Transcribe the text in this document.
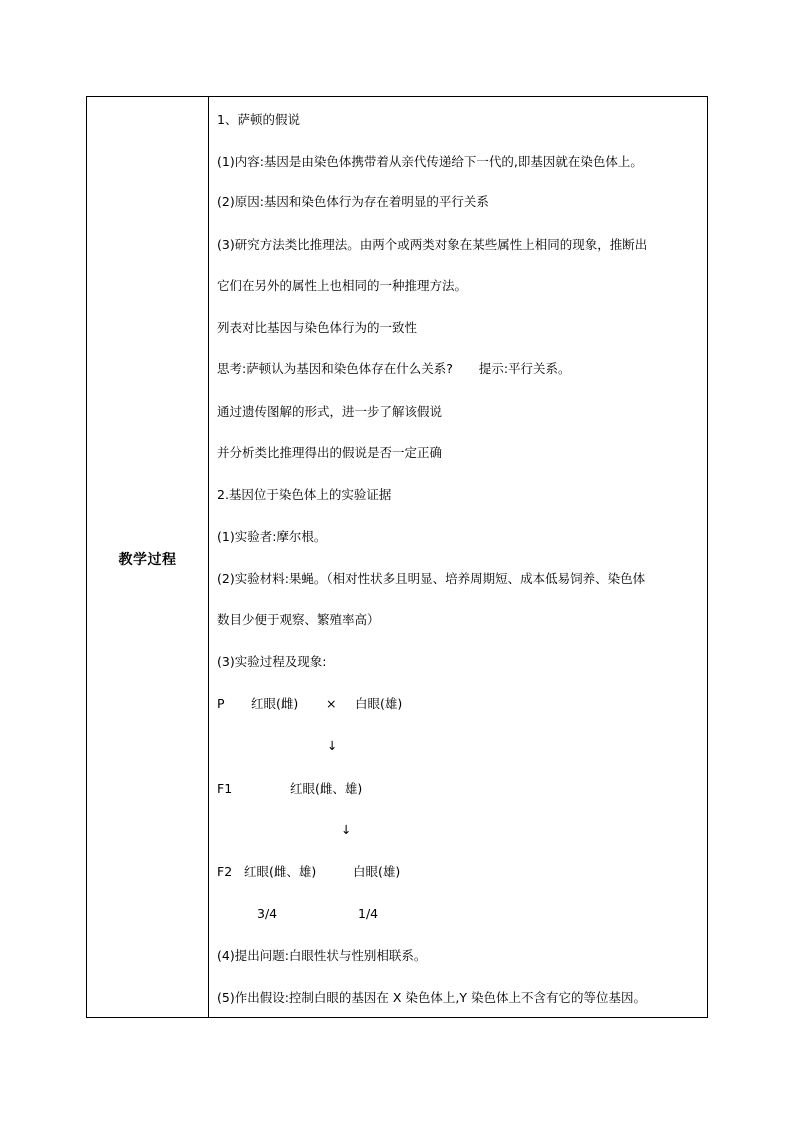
教学过程
1、萨顿的假说
(1)内容:基因是由染色体携带着从亲代传递给下一代的,即基因就在染色体上。
(2)原因:基因和染色体行为存在着明显的平行关系
(3)研究方法类比推理法。由两个或两类对象在某些属性上相同的现象，推断出
它们在另外的属性上也相同的一种推理方法。
列表对比基因与染色体行为的一致性
思考:萨顿认为基因和染色体存在什么关系? 提示:平行关系。
通过遗传图解的形式，进一步了解该假说
并分析类比推理得出的假说是否一定正确
2.基因位于染色体上的实验证据
(1)实验者:摩尔根。
(2)实验材料:果蝇。（相对性状多且明显、培养周期短、成本低易饲养、染色体
数目少便于观察、繁殖率高）
(3)实验过程及现象:
P 红眼(雌) × 白眼(雄)
↓
F1	红眼(雌、雄)
↓
F2 红眼(雌、雄)	白眼(雄)
3/4	1/4
(4)提出问题:白眼性状与性别相联系。
(5)作出假设:控制白眼的基因在 X 染色体上,Y 染色体上不含有它的等位基因。
